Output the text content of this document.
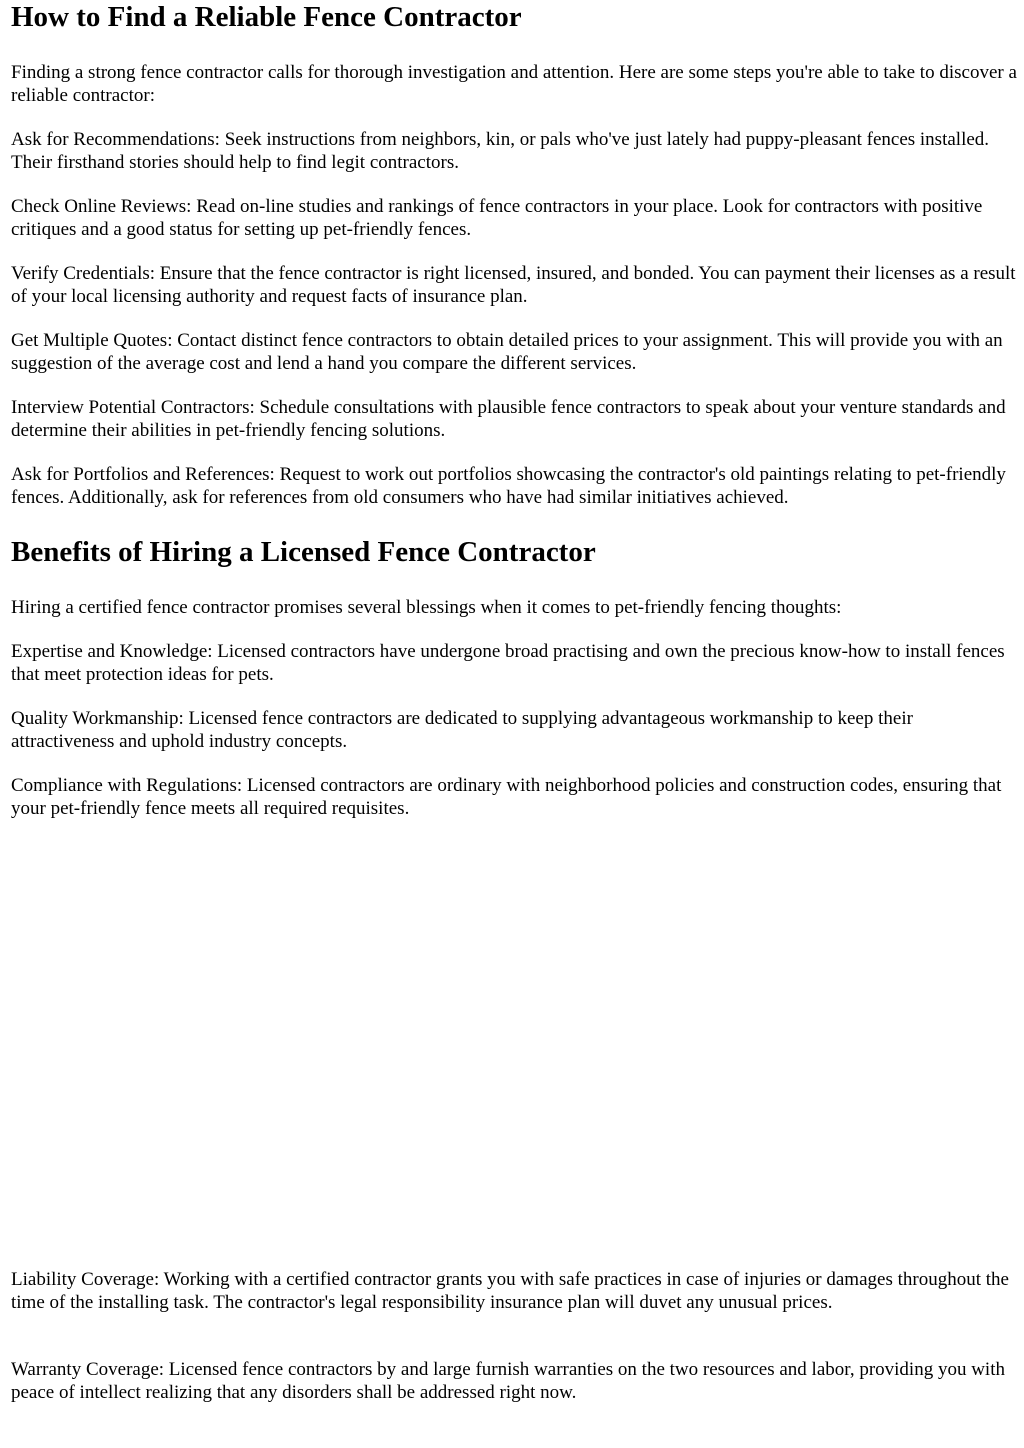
How to Find a Reliable Fence Contractor

Finding a strong fence contractor calls for thorough investigation and attention. Here are some steps you're able to take to discover a reliable contractor:

Ask for Recommendations: Seek instructions from neighbors, kin, or pals who've just lately had puppy-pleasant fences installed. Their firsthand stories should help to find legit contractors.

Check Online Reviews: Read on-line studies and rankings of fence contractors in your place. Look for contractors with positive critiques and a good status for setting up pet-friendly fences.

Verify Credentials: Ensure that the fence contractor is right licensed, insured, and bonded. You can payment their licenses as a result of your local licensing authority and request facts of insurance plan.

Get Multiple Quotes: Contact distinct fence contractors to obtain detailed prices to your assignment. This will provide you with an suggestion of the average cost and lend a hand you compare the different services.

Interview Potential Contractors: Schedule consultations with plausible fence contractors to speak about your venture standards and determine their abilities in pet-friendly fencing solutions.

Ask for Portfolios and References: Request to work out portfolios showcasing the contractor's old paintings relating to pet-friendly fences. Additionally, ask for references from old consumers who have had similar initiatives achieved.

Benefits of Hiring a Licensed Fence Contractor

Hiring a certified fence contractor promises several blessings when it comes to pet-friendly fencing thoughts:

Expertise and Knowledge: Licensed contractors have undergone broad practising and own the precious know-how to install fences that meet protection ideas for pets.

Quality Workmanship: Licensed fence contractors are dedicated to supplying advantageous workmanship to keep their attractiveness and uphold industry concepts.

Compliance with Regulations: Licensed contractors are ordinary with neighborhood policies and construction codes, ensuring that your pet-friendly fence meets all required requisites.

Liability Coverage: Working with a certified contractor grants you with safe practices in case of injuries or damages throughout the time of the installing task. The contractor's legal responsibility insurance plan will duvet any unusual prices.

Warranty Coverage: Licensed fence contractors by and large furnish warranties on the two resources and labor, providing you with peace of intellect realizing that any disorders shall be addressed right now.
